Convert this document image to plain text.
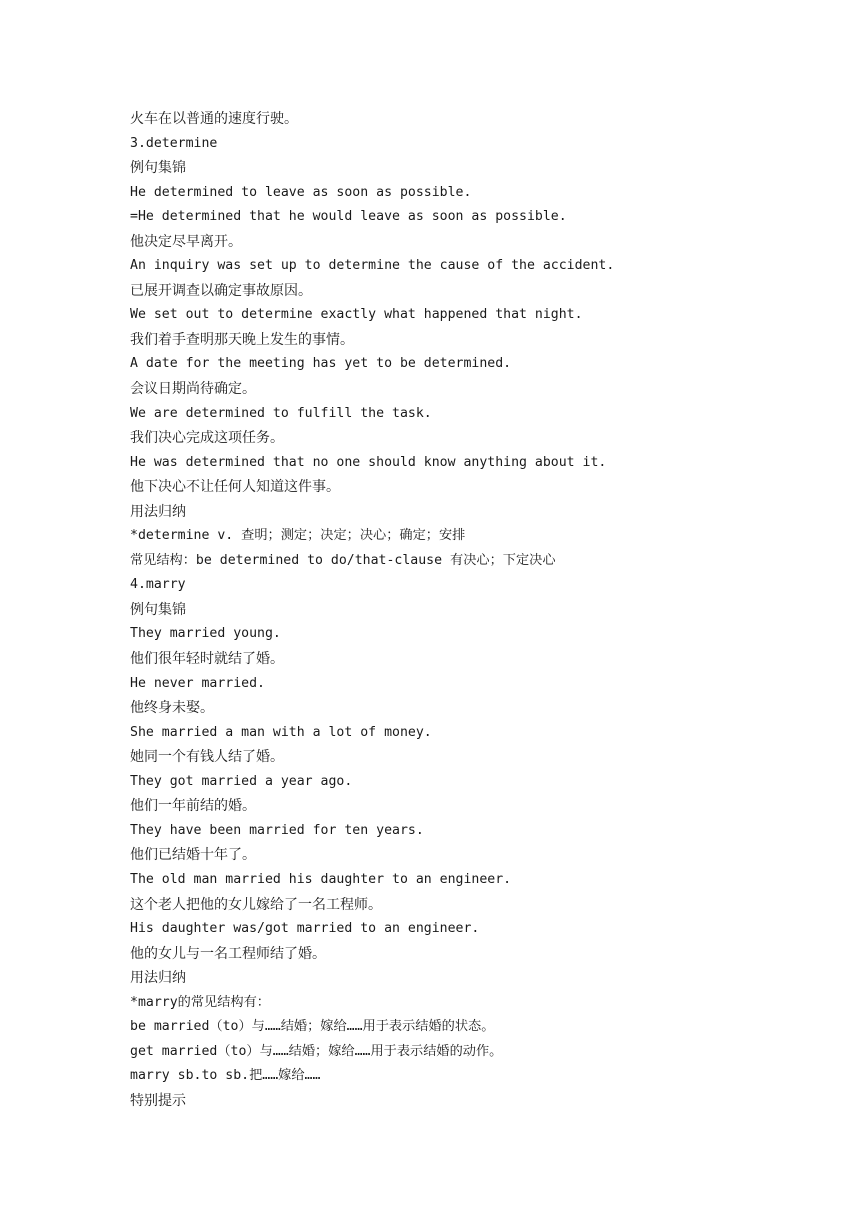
火车在以普通的速度行驶。
3.determine
例句集锦
He determined to leave as soon as possible.
=He determined that he would leave as soon as possible.
他决定尽早离开。
An inquiry was set up to determine the cause of the accident.
已展开调查以确定事故原因。
We set out to determine exactly what happened that night.
我们着手查明那天晚上发生的事情。
A date for the meeting has yet to be determined.
会议日期尚待确定。
We are determined to fulfill the task.
我们决心完成这项任务。
He was determined that no one should know anything about it.
他下决心不让任何人知道这件事。
用法归纳
*determine v. 查明；测定；决定；决心；确定；安排
常见结构：be determined to do/that-clause 有决心；下定决心
4.marry
例句集锦
They married young.
他们很年轻时就结了婚。
He never married.
他终身未娶。
She married a man with a lot of money.
她同一个有钱人结了婚。
They got married a year ago.
他们一年前结的婚。
They have been married for ten years.
他们已结婚十年了。
The old man married his daughter to an engineer.
这个老人把他的女儿嫁给了一名工程师。
His daughter was/got married to an engineer.
他的女儿与一名工程师结了婚。
用法归纳
*marry的常见结构有：
be married（to）与……结婚；嫁给……用于表示结婚的状态。
get married（to）与……结婚；嫁给……用于表示结婚的动作。
marry sb.to sb.把……嫁给……
特别提示
